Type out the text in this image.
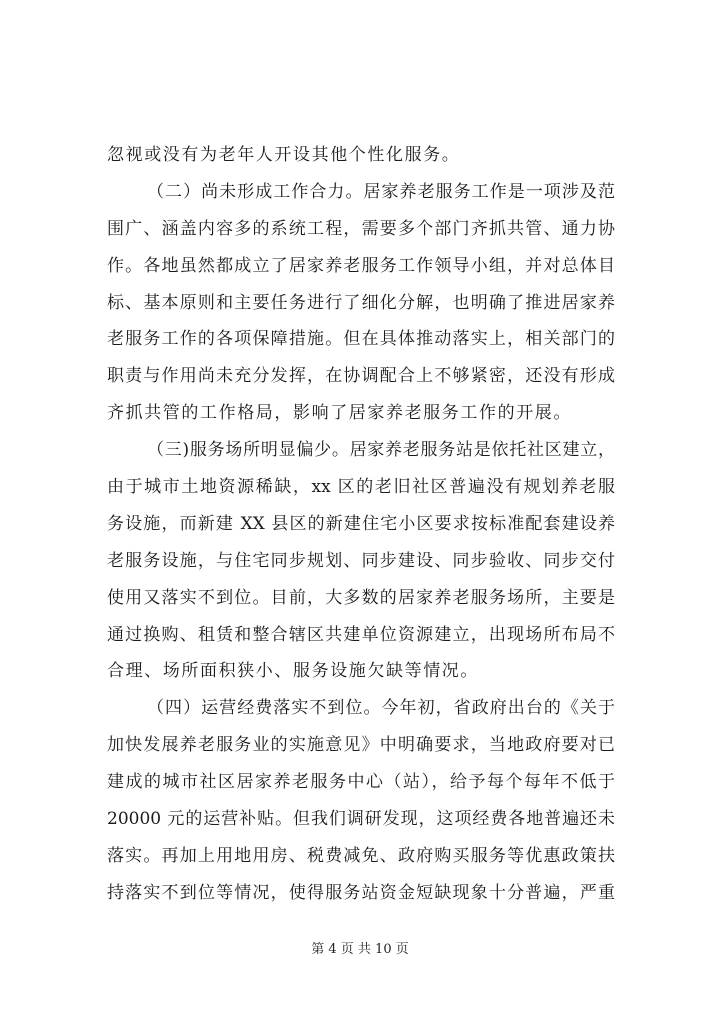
忽视或没有为老年人开设其他个性化服务。
（二）尚未形成工作合力。居家养老服务工作是一项涉及范
围广、涵盖内容多的系统工程，需要多个部门齐抓共管、通力协
作。各地虽然都成立了居家养老服务工作领导小组，并对总体目
标、基本原则和主要任务进行了细化分解，也明确了推进居家养
老服务工作的各项保障措施。但在具体推动落实上，相关部门的
职责与作用尚未充分发挥，在协调配合上不够紧密，还没有形成
齐抓共管的工作格局，影响了居家养老服务工作的开展。
（三)服务场所明显偏少。居家养老服务站是依托社区建立，
由于城市土地资源稀缺，xx 区的老旧社区普遍没有规划养老服
务设施，而新建 XX 县区的新建住宅小区要求按标准配套建设养
老服务设施，与住宅同步规划、同步建设、同步验收、同步交付
使用又落实不到位。目前，大多数的居家养老服务场所，主要是
通过换购、租赁和整合辖区共建单位资源建立，出现场所布局不
合理、场所面积狭小、服务设施欠缺等情况。
（四）运营经费落实不到位。今年初，省政府出台的《关于
加快发展养老服务业的实施意见》中明确要求，当地政府要对已
建成的城市社区居家养老服务中心（站），给予每个每年不低于
20000 元的运营补贴。但我们调研发现，这项经费各地普遍还未
落实。再加上用地用房、税费减免、政府购买服务等优惠政策扶
持落实不到位等情况，使得服务站资金短缺现象十分普遍，严重
第 4 页 共 10 页
